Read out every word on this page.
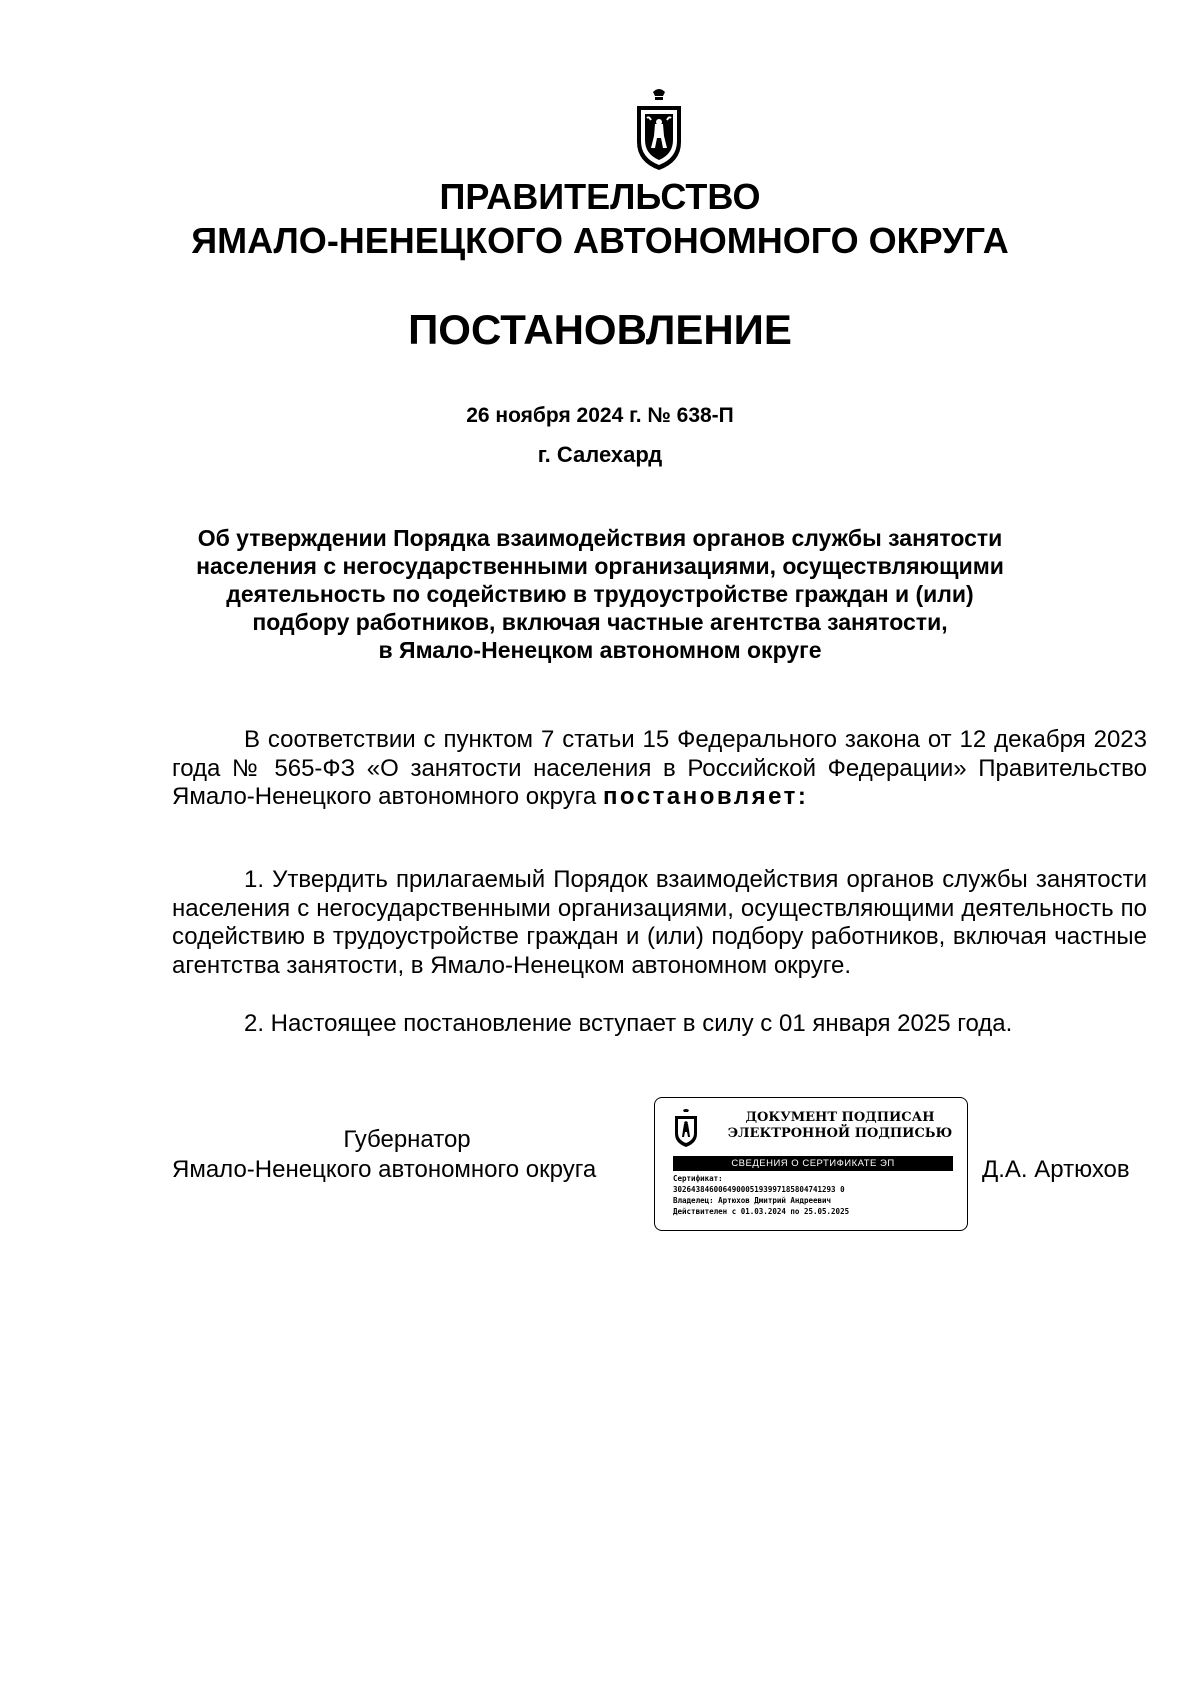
ПРАВИТЕЛЬСТВО
ЯМАЛО-НЕНЕЦКОГО АВТОНОМНОГО ОКРУГА
ПОСТАНОВЛЕНИЕ
26 ноября 2024 г. № 638-П
г. Салехард
Об утверждении Порядка взаимодействия органов службы занятости
населения с негосударственными организациями, осуществляющими
деятельность по содействию в трудоустройстве граждан и (или)
подбору работников, включая частные агентства занятости,
в Ямало-Ненецком автономном округе
В соответствии с пунктом 7 статьи 15 Федерального закона от 12 декабря 2023 года № 565-ФЗ «О занятости населения в Российской Федерации» Правительство Ямало-Ненецкого автономного округа постановляет:
1. Утвердить прилагаемый Порядок взаимодействия органов службы занятости населения с негосударственными организациями, осуществляющими деятельность по содействию в трудоустройстве граждан и (или) подбору работников, включая частные агентства занятости, в Ямало-Ненецком автономном округе.
2. Настоящее постановление вступает в силу с 01 января 2025 года.
Губернатор
Ямало-Ненецкого автономного округа
ДОКУМЕНТ ПОДПИСАН
ЭЛЕКТРОННОЙ ПОДПИСЬЮ
СВЕДЕНИЯ О СЕРТИФИКАТЕ ЭП
Сертификат:
302643846006490005193997185804741293 0
Владелец: Артюхов Дмитрий Андреевич
Действителен с 01.03.2024 по 25.05.2025
Д.А. Артюхов
